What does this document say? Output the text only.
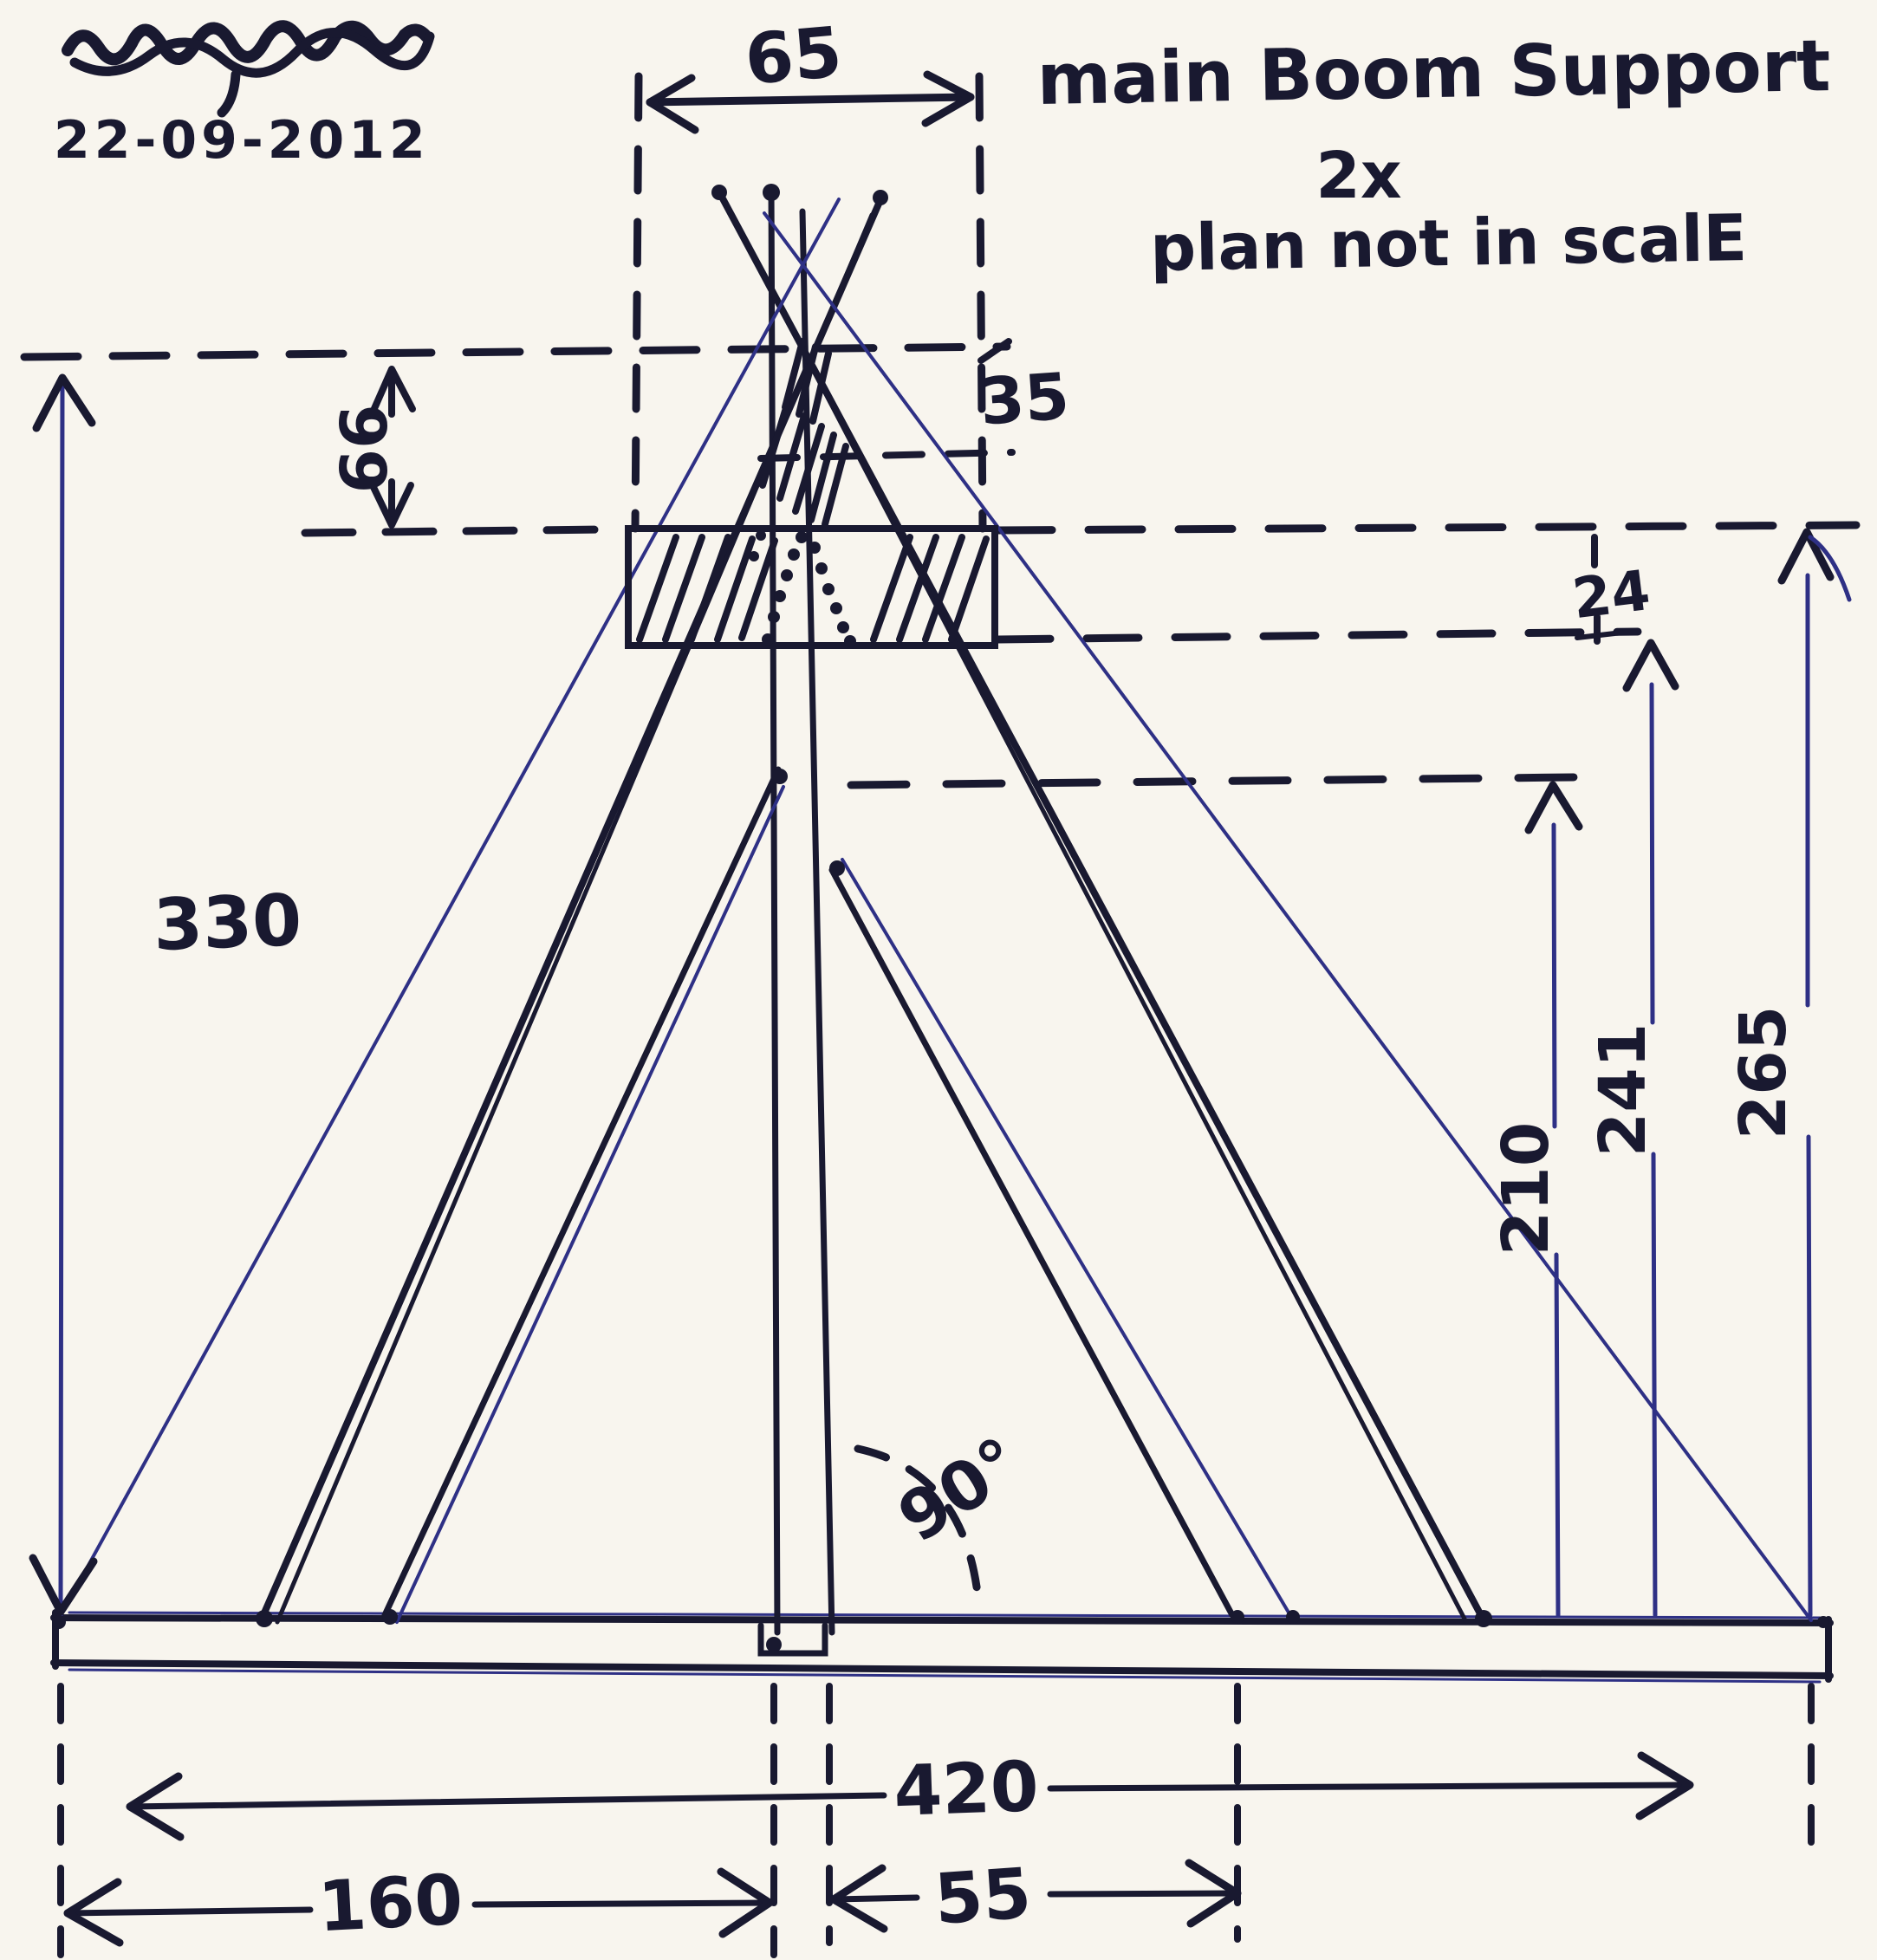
22-09-2012
main Boom Support
2x
plan not in scalE
65
35
66
24
330
210
241 265
90°
420
160	55
